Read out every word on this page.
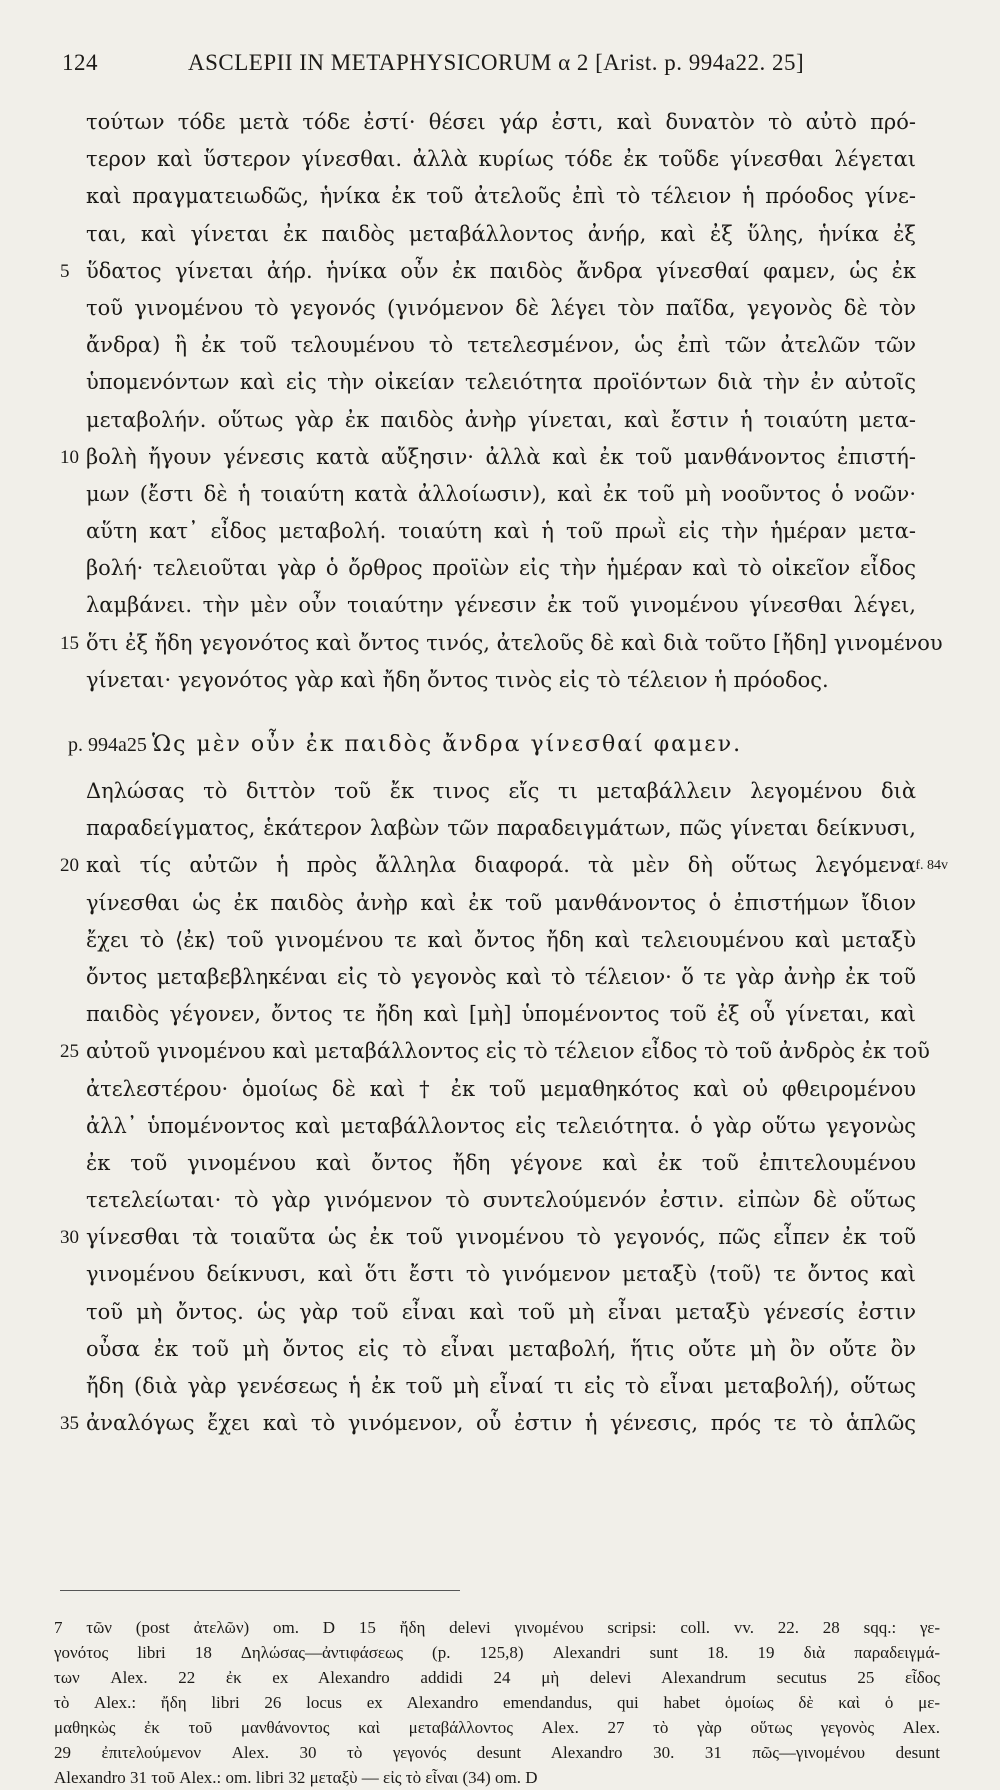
124	ASCLEPII IN METAPHYSICORUM α 2 [Arist. p. 994a22. 25]
τούτων τόδε μετὰ τόδε ἐστί· θέσει γάρ ἐστι, καὶ δυνατὸν τὸ αὐτὸ πρό-
τερον καὶ ὕστερον γίνεσθαι. ἀλλὰ κυρίως τόδε ἐκ τοῦδε γίνεσθαι λέγεται
καὶ πραγματειωδῶς, ἡνίκα ἐκ τοῦ ἀτελοῦς ἐπὶ τὸ τέλειον ἡ πρόοδος γίνε-
ται, καὶ γίνεται ἐκ παιδὸς μεταβάλλοντος ἀνήρ, καὶ ἐξ ὕλης, ἡνίκα ἐξ
ὕδατος γίνεται ἀήρ. ἡνίκα οὖν ἐκ παιδὸς ἄνδρα γίνεσθαί φαμεν, ὡς ἐκ
5
τοῦ γινομένου τὸ γεγονός (γινόμενον δὲ λέγει τὸν παῖδα, γεγονὸς δὲ τὸν
ἄνδρα) ἢ ἐκ τοῦ τελουμένου τὸ τετελεσμένον, ὡς ἐπὶ τῶν ἀτελῶν τῶν
ὑπομενόντων καὶ εἰς τὴν οἰκείαν τελειότητα προϊόντων διὰ τὴν ἐν αὐτοῖς
μεταβολήν. οὕτως γὰρ ἐκ παιδὸς ἀνὴρ γίνεται, καὶ ἔστιν ἡ τοιαύτη μετα-
βολὴ ἤγουν γένεσις κατὰ αὔξησιν· ἀλλὰ καὶ ἐκ τοῦ μανθάνοντος ἐπιστή-
10
μων (ἔστι δὲ ἡ τοιαύτη κατὰ ἀλλοίωσιν), καὶ ἐκ τοῦ μὴ νοοῦντος ὁ νοῶν·
αὕτη κατ᾽ εἶδος μεταβολή. τοιαύτη καὶ ἡ τοῦ πρωῒ εἰς τὴν ἡμέραν μετα-
βολή· τελειοῦται γὰρ ὁ ὄρθρος προϊὼν εἰς τὴν ἡμέραν καὶ τὸ οἰκεῖον εἶδος
λαμβάνει. τὴν μὲν οὖν τοιαύτην γένεσιν ἐκ τοῦ γινομένου γίνεσθαι λέγει,
ὅτι ἐξ ἤδη γεγονότος καὶ ὄντος τινός, ἀτελοῦς δὲ καὶ διὰ τοῦτο [ἤδη] γινομένου
15
γίνεται· γεγονότος γὰρ καὶ ἤδη ὄντος τινὸς εἰς τὸ τέλειον ἡ πρόοδος.
p. 994a25 Ὡς μὲν οὖν ἐκ παιδὸς ἄνδρα γίνεσθαί φαμεν.
Δηλώσας τὸ διττὸν τοῦ ἔκ τινος εἴς τι μεταβάλλειν λεγομένου διὰ
παραδείγματος, ἑκάτερον λαβὼν τῶν παραδειγμάτων, πῶς γίνεται δείκνυσι,
καὶ τίς αὐτῶν ἡ πρὸς ἄλληλα διαφορά. τὰ μὲν δὴ οὕτως λεγόμενα
20	f. 84v
γίνεσθαι ὡς ἐκ παιδὸς ἀνὴρ καὶ ἐκ τοῦ μανθάνοντος ὁ ἐπιστήμων ἴδιον
ἔχει τὸ ⟨ἐκ⟩ τοῦ γινομένου τε καὶ ὄντος ἤδη καὶ τελειουμένου καὶ μεταξὺ
ὄντος μεταβεβληκέναι εἰς τὸ γεγονὸς καὶ τὸ τέλειον· ὅ τε γὰρ ἀνὴρ ἐκ τοῦ
παιδὸς γέγονεν, ὄντος τε ἤδη καὶ [μὴ] ὑπομένοντος τοῦ ἐξ οὗ γίνεται, καὶ
αὐτοῦ γινομένου καὶ μεταβάλλοντος εἰς τὸ τέλειον εἶδος τὸ τοῦ ἀνδρὸς ἐκ τοῦ
25
ἀτελεστέρου· ὁμοίως δὲ καὶ † ἐκ τοῦ μεμαθηκότος καὶ οὐ φθειρομένου
ἀλλ᾽ ὑπομένοντος καὶ μεταβάλλοντος εἰς τελειότητα. ὁ γὰρ οὕτω γεγονὼς
ἐκ τοῦ γινομένου καὶ ὄντος ἤδη γέγονε καὶ ἐκ τοῦ ἐπιτελουμένου
τετελείωται· τὸ γὰρ γινόμενον τὸ συντελούμενόν ἐστιν. εἰπὼν δὲ οὕτως
γίνεσθαι τὰ τοιαῦτα ὡς ἐκ τοῦ γινομένου τὸ γεγονός, πῶς εἶπεν ἐκ τοῦ
30
γινομένου δείκνυσι, καὶ ὅτι ἔστι τὸ γινόμενον μεταξὺ ⟨τοῦ⟩ τε ὄντος καὶ
τοῦ μὴ ὄντος. ὡς γὰρ τοῦ εἶναι καὶ τοῦ μὴ εἶναι μεταξὺ γένεσίς ἐστιν
οὖσα ἐκ τοῦ μὴ ὄντος εἰς τὸ εἶναι μεταβολή, ἥτις οὔτε μὴ ὂν οὔτε ὂν
ἤδη (διὰ γὰρ γενέσεως ἡ ἐκ τοῦ μὴ εἶναί τι εἰς τὸ εἶναι μεταβολή), οὕτως
ἀναλόγως ἔχει καὶ τὸ γινόμενον, οὗ ἐστιν ἡ γένεσις, πρός τε τὸ ἁπλῶς
35
7 τῶν (post ἀτελῶν) om. D 15 ἤδη delevi γινομένου scripsi: coll. vv. 22. 28 sqq.: γε-
γονότος libri 18 Δηλώσας—ἀντιφάσεως (p. 125,8) Alexandri sunt 18. 19 διὰ παραδειγμά-
των Alex. 22 ἐκ ex Alexandro addidi 24 μὴ delevi Alexandrum secutus 25 εἶδος
τὸ Alex.: ἤδη libri 26 locus ex Alexandro emendandus, qui habet ὁμοίως δὲ καὶ ὁ με-
μαθηκὼς ἐκ τοῦ μανθάνοντος καὶ μεταβάλλοντος Alex. 27 τὸ γὰρ οὕτως γεγονὸς Alex.
29 ἐπιτελούμενον Alex. 30 τὸ γεγονός desunt Alexandro 30. 31 πῶς—γινομένου desunt
Alexandro 31 τοῦ Alex.: om. libri 32 μεταξὺ — εἰς τὸ εἶναι (34) om. D
